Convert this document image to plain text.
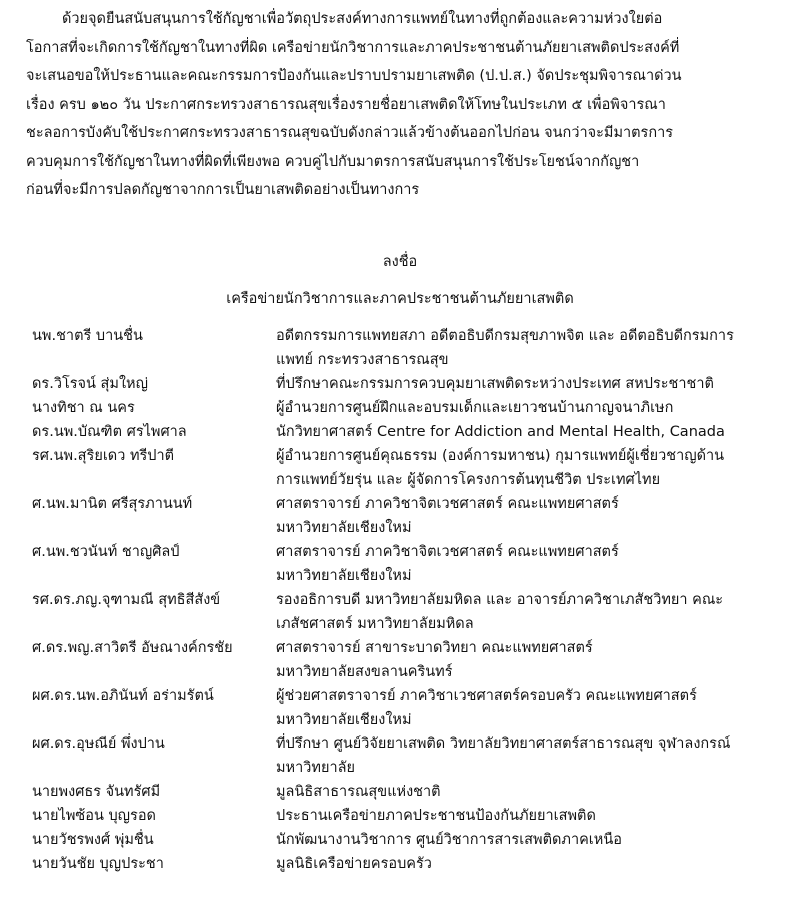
ด้วยจุดยืนสนับสนุนการใช้กัญชาเพื่อวัตถุประสงค์ทางการแพทย์ในทางที่ถูกต้องและความห่วงใยต่อ
โอกาสที่จะเกิดการใช้กัญชาในทางที่ผิด เครือข่ายนักวิชาการและภาคประชาชนต้านภัยยาเสพติดประสงค์ที่
จะเสนอขอให้ประธานและคณะกรรมการป้องกันและปราบปรามยาเสพติด (ป.ป.ส.) จัดประชุมพิจารณาด่วน
เรื่อง ครบ ๑๒๐ วัน ประกาศกระทรวงสาธารณสุขเรื่องรายชื่อยาเสพติดให้โทษในประเภท ๕ เพื่อพิจารณา
ชะลอการบังคับใช้ประกาศกระทรวงสาธารณสุขฉบับดังกล่าวแล้วข้างต้นออกไปก่อน จนกว่าจะมีมาตรการ
ควบคุมการใช้กัญชาในทางที่ผิดที่เพียงพอ ควบคู่ไปกับมาตรการสนับสนุนการใช้ประโยชน์จากกัญชา
ก่อนที่จะมีการปลดกัญชาจากการเป็นยาเสพติดอย่างเป็นทางการ
ลงชื่อ
เครือข่ายนักวิชาการและภาคประชาชนต้านภัยยาเสพติด
นพ.ชาตรี บานชื่น	อดีตกรรมการแพทยสภา อดีตอธิบดีกรมสุขภาพจิต และ อดีตอธิบดีกรมการ
แพทย์ กระทรวงสาธารณสุข
ดร.วิโรจน์ สุ่มใหญ่	ที่ปรึกษาคณะกรรมการควบคุมยาเสพติดระหว่างประเทศ สหประชาชาติ
นางทิชา ณ นคร	ผู้อำนวยการศูนย์ฝึกและอบรมเด็กและเยาวชนบ้านกาญจนาภิเษก
ดร.นพ.บัณฑิต ศรไพศาล	นักวิทยาศาสตร์ Centre for Addiction and Mental Health, Canada
รศ.นพ.สุริยเดว ทรีปาตี	ผู้อำนวยการศูนย์คุณธรรม (องค์การมหาชน) กุมารแพทย์ผู้เชี่ยวชาญด้าน
การแพทย์วัยรุ่น และ ผู้จัดการโครงการต้นทุนชีวิต ประเทศไทย
ศ.นพ.มานิต ศรีสุรภานนท์	ศาสตราจารย์ ภาควิชาจิตเวชศาสตร์ คณะแพทยศาสตร์
มหาวิทยาลัยเชียงใหม่
ศ.นพ.ชวนันท์ ชาญศิลป์	ศาสตราจารย์ ภาควิชาจิตเวชศาสตร์ คณะแพทยศาสตร์
มหาวิทยาลัยเชียงใหม่
รศ.ดร.ภญ.จุฑามณี สุทธิสีสังข์	รองอธิการบดี มหาวิทยาลัยมหิดล และ อาจารย์ภาควิชาเภสัชวิทยา คณะ
เภสัชศาสตร์ มหาวิทยาลัยมหิดล
ศ.ดร.พญ.สาวิตรี อัษณางค์กรชัย	ศาสตราจารย์ สาขาระบาดวิทยา คณะแพทยศาสตร์
มหาวิทยาลัยสงขลานครินทร์
ผศ.ดร.นพ.อภินันท์ อร่ามรัตน์	ผู้ช่วยศาสตราจารย์ ภาควิชาเวชศาสตร์ครอบครัว คณะแพทยศาสตร์
มหาวิทยาลัยเชียงใหม่
ผศ.ดร.อุษณีย์ พึ่งปาน	ที่ปรึกษา ศูนย์วิจัยยาเสพติด วิทยาลัยวิทยาศาสตร์สาธารณสุข จุฬาลงกรณ์
มหาวิทยาลัย
นายพงศธร จันทรัศมี	มูลนิธิสาธารณสุขแห่งชาติ
นายไพซ้อน บุญรอด	ประธานเครือข่ายภาคประชาชนป้องกันภัยยาเสพติด
นายวัชรพงศ์ พุ่มชื่น	นักพัฒนางานวิชาการ ศูนย์วิชาการสารเสพติดภาคเหนือ
นายวันชัย บุญประชา	มูลนิธิเครือข่ายครอบครัว
